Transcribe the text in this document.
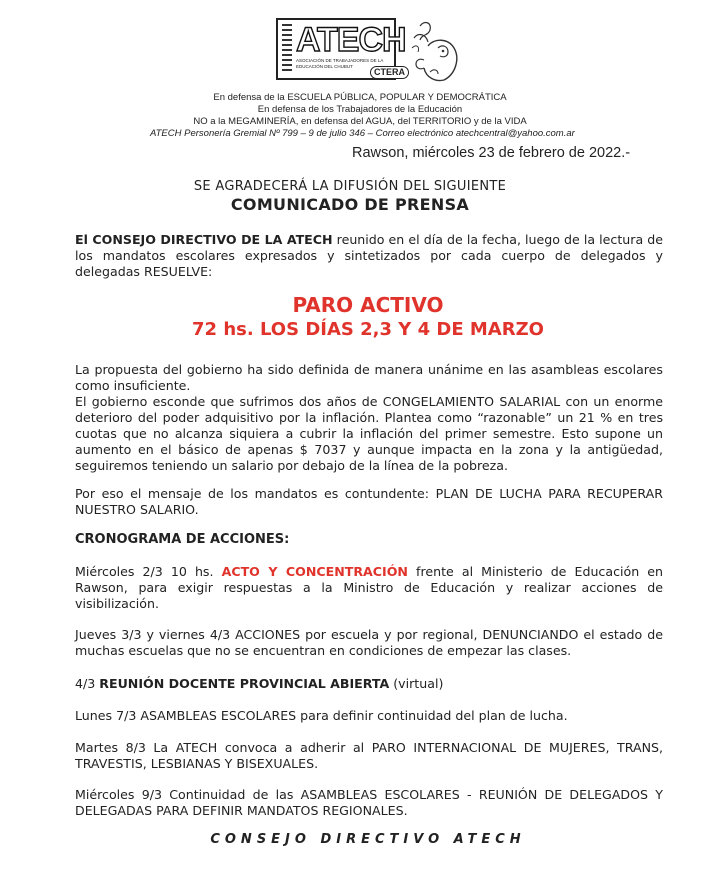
ATECH
ASOCIACIÓN DE TRABAJADORES DE LA EDUCACIÓN DEL CHUBUT
CTERA
En defensa de la ESCUELA PÚBLICA, POPULAR Y DEMOCRÁTICA
En defensa de los Trabajadores de la Educación
NO a la MEGAMINERÍA, en defensa del AGUA, del TERRITORIO y de la VIDA
ATECH Personería Gremial Nº 799 – 9 de julio 346 – Correo electrónico atechcentral@yahoo.com.ar
Rawson, miércoles 23 de febrero de 2022.-
SE AGRADECERÁ LA DIFUSIÓN DEL SIGUIENTE
COMUNICADO DE PRENSA
El CONSEJO DIRECTIVO DE LA ATECH reunido en el día de la fecha, luego de la lectura de los mandatos escolares expresados y sintetizados por cada cuerpo de delegados y delegadas RESUELVE:
PARO ACTIVO
72 hs. LOS DÍAS 2,3 Y 4 DE MARZO
La propuesta del gobierno ha sido definida de manera unánime en las asambleas escolares como insuficiente.
El gobierno esconde que sufrimos dos años de CONGELAMIENTO SALARIAL con un enorme deterioro del poder adquisitivo por la inflación. Plantea como “razonable” un 21 % en tres cuotas que no alcanza siquiera a cubrir la inflación del primer semestre. Esto supone un aumento en el básico de apenas $ 7037 y aunque impacta en la zona y la antigüedad, seguiremos teniendo un salario por debajo de la línea de la pobreza.
Por eso el mensaje de los mandatos es contundente: PLAN DE LUCHA PARA RECUPERAR NUESTRO SALARIO.
CRONOGRAMA DE ACCIONES:
Miércoles 2/3 10 hs. ACTO Y CONCENTRACIÓN frente al Ministerio de Educación en Rawson, para exigir respuestas a la Ministro de Educación y realizar acciones de visibilización.
Jueves 3/3 y viernes 4/3 ACCIONES por escuela y por regional, DENUNCIANDO el estado de muchas escuelas que no se encuentran en condiciones de empezar las clases.
4/3 REUNIÓN DOCENTE PROVINCIAL ABIERTA (virtual)
Lunes 7/3 ASAMBLEAS ESCOLARES para definir continuidad del plan de lucha.
Martes 8/3 La ATECH convoca a adherir al PARO INTERNACIONAL DE MUJERES, TRANS, TRAVESTIS, LESBIANAS Y BISEXUALES.
Miércoles 9/3 Continuidad de las ASAMBLEAS ESCOLARES - REUNIÓN DE DELEGADOS Y DELEGADAS PARA DEFINIR MANDATOS REGIONALES.
CONSEJO DIRECTIVO ATECH
